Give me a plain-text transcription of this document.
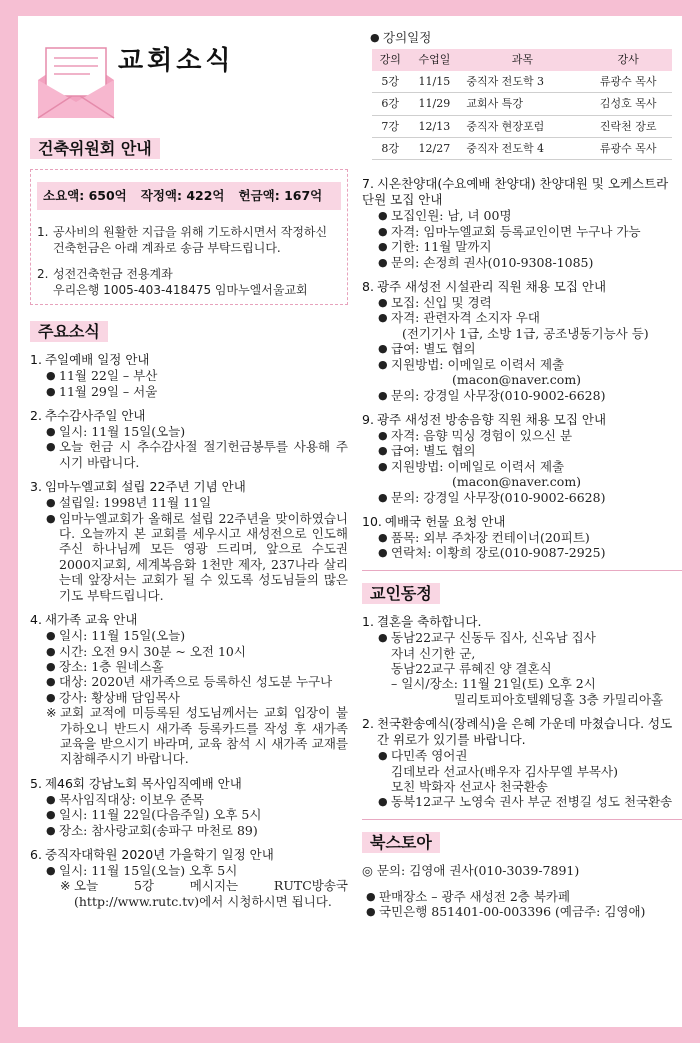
교회소식
건축위원회 안내
소요액: 650억 작정액: 422억 헌금액: 167억
1. 공사비의 원활한 지급을 위해 기도하시면서 작정하신 건축헌금은 아래 계좌로 송금 부탁드립니다.
2. 성전건축헌금 전용계좌
우리은행 1005-403-418475 임마누엘서울교회
주요소식
1. 주일예배 일정 안내
● 11월 22일 – 부산
● 11월 29일 – 서울
2. 추수감사주일 안내
● 일시: 11월 15일(오늘)
● 오늘 헌금 시 추수감사절 절기헌금봉투를 사용해 주시기 바랍니다.
3. 임마누엘교회 설립 22주년 기념 안내
● 설립일: 1998년 11월 11일
● 임마누엘교회가 올해로 설립 22주년을 맞이하였습니다. 오늘까지 본 교회를 세우시고 새성전으로 인도해 주신 하나님께 모든 영광 드리며, 앞으로 수도권 2000지교회, 세계복음화 1천만 제자, 237나라 살리는데 앞장서는 교회가 될 수 있도록 성도님들의 많은 기도 부탁드립니다.
4. 새가족 교육 안내
● 일시: 11월 15일(오늘)
● 시간: 오전 9시 30분 ~ 오전 10시
● 장소: 1층 원네스홀
● 대상: 2020년 새가족으로 등록하신 성도분 누구나
● 강사: 황상배 담임목사
※ 교회 교적에 미등록된 성도님께서는 교회 입장이 불가하오니 반드시 새가족 등록카드를 작성 후 새가족 교육을 받으시기 바라며, 교육 참석 시 새가족 교재를 지참해주시기 바랍니다.
5. 제46회 강남노회 목사임직예배 안내
● 목사임직대상: 이보우 준목
● 일시: 11월 22일(다음주일) 오후 5시
● 장소: 참사랑교회(송파구 마천로 89)
6. 중직자대학원 2020년 가을학기 일정 안내
● 일시: 11월 15일(오늘) 오후 5시
※ 오늘 5강 메시지는 RUTC방송국 (http://www.rutc.tv)에서 시청하시면 됩니다.
● 강의일정
강의	수업일	과목	강사
5강	11/15	중직자 전도학 3	류광수 목사
6강	11/29	교회사 특강	김성호 목사
7강	12/13	중직자 현장포럼	진락천 장로
8강	12/27	중직자 전도학 4	류광수 목사
7. 시온찬양대(수요예배 찬양대) 찬양대원 및 오케스트라 단원 모집 안내
● 모집인원: 남, 녀 00명
● 자격: 임마누엘교회 등록교인이면 누구나 가능
● 기한: 11월 말까지
● 문의: 손정희 권사(010-9308-1085)
8. 광주 새성전 시설관리 직원 채용 모집 안내
● 모집: 신입 및 경력
● 자격: 관련자격 소지자 우대
(전기기사 1급, 소방 1급, 공조냉동기능사 등)
● 급여: 별도 협의
● 지원방법: 이메일로 이력서 제출
(macon@naver.com)
● 문의: 강경일 사무장(010-9002-6628)
9. 광주 새성전 방송음향 직원 채용 모집 안내
● 자격: 음향 믹싱 경험이 있으신 분
● 급여: 별도 협의
● 지원방법: 이메일로 이력서 제출
(macon@naver.com)
● 문의: 강경일 사무장(010-9002-6628)
10. 예배국 헌물 요청 안내
● 품목: 외부 주차장 컨테이너(20피트)
● 연락처: 이황희 장로(010-9087-2925)
교인동정
1. 결혼을 축하합니다.
● 동남22교구 신동두 집사, 신옥남 집사
자녀 신기한 군,
동남22교구 류혜진 양 결혼식
– 일시/장소: 11월 21일(토) 오후 2시
밀리토피아호텔웨딩홀 3층 카밀리아홀
2. 천국환송예식(장례식)을 은혜 가운데 마쳤습니다. 성도간 위로가 있기를 바랍니다.
● 다민족 영어권
김데보라 선교사(배우자 김사무엘 부목사)
모친 박화자 선교사 천국환송
● 동북12교구 노영숙 권사 부군 전병길 성도 천국환송
북스토아
◎ 문의: 김영애 권사(010-3039-7891)
● 판매장소 – 광주 새성전 2층 북카페
● 국민은행 851401-00-003396 (예금주: 김영애)
